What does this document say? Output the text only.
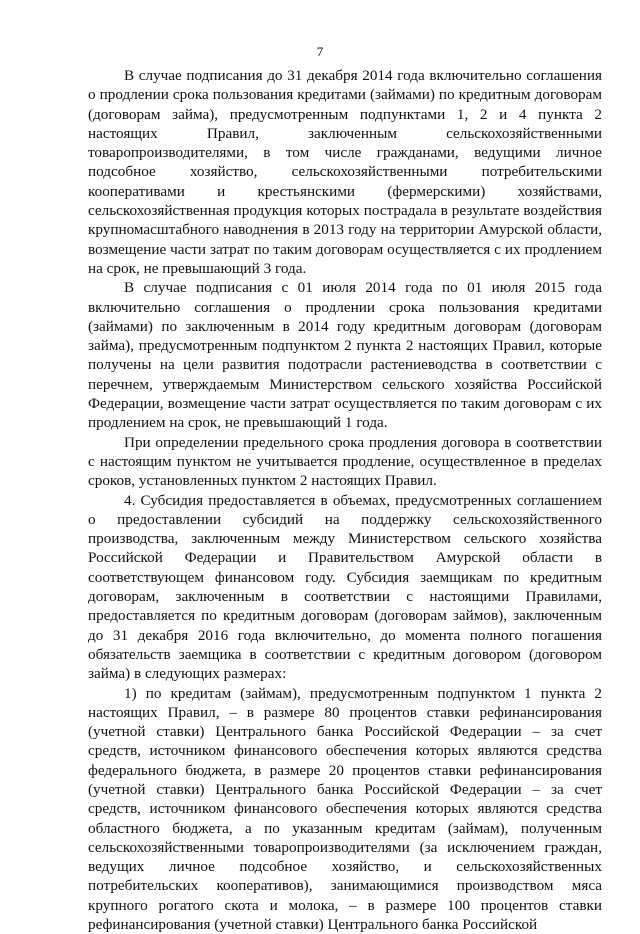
7

В случае подписания до 31 декабря 2014 года включительно соглашения о продлении срока пользования кредитами (займами) по кредитным договорам (договорам займа), предусмотренным подпунктами 1, 2 и 4 пункта 2 настоящих Правил, заключенным сельскохозяйственными товаропроизводителями, в том числе гражданами, ведущими личное подсобное хозяйство, сельскохозяйственными потребительскими кооперативами и крестьянскими (фермерскими) хозяйствами, сельскохозяйственная продукция которых пострадала в результате воздействия крупномасштабного наводнения в 2013 году на территории Амурской области, возмещение части затрат по таким договорам осуществляется с их продлением на срок, не превышающий 3 года.

В случае подписания с 01 июля 2014 года по 01 июля 2015 года включительно соглашения о продлении срока пользования кредитами (займами) по заключенным в 2014 году кредитным договорам (договорам займа), предусмотренным подпунктом 2 пункта 2 настоящих Правил, которые получены на цели развития подотрасли растениеводства в соответствии с перечнем, утверждаемым Министерством сельского хозяйства Российской Федерации, возмещение части затрат осуществляется по таким договорам с их продлением на срок, не превышающий 1 года.

При определении предельного срока продления договора в соответствии с настоящим пунктом не учитывается продление, осуществленное в пределах сроков, установленных пунктом 2 настоящих Правил.

4. Субсидия предоставляется в объемах, предусмотренных соглашением о предоставлении субсидий на поддержку сельскохозяйственного производства, заключенным между Министерством сельского хозяйства Российской Федерации и Правительством Амурской области в соответствующем финансовом году. Субсидия заемщикам по кредитным договорам, заключенным в соответствии с настоящими Правилами, предоставляется по кредитным договорам (договорам займов), заключенным до 31 декабря 2016 года включительно, до момента полного погашения обязательств заемщика в соответствии с кредитным договором (договором займа) в следующих размерах:

1) по кредитам (займам), предусмотренным подпунктом 1 пункта 2 настоящих Правил, – в размере 80 процентов ставки рефинансирования (учетной ставки) Центрального банка Российской Федерации – за счет средств, источником финансового обеспечения которых являются средства федерального бюджета, в размере 20 процентов ставки рефинансирования (учетной ставки) Центрального банка Российской Федерации – за счет средств, источником финансового обеспечения которых являются средства областного бюджета, а по указанным кредитам (займам), полученным сельскохозяйственными товаропроизводителями (за исключением граждан, ведущих личное подсобное хозяйство, и сельскохозяйственных потребительских кооперативов), занимающимися производством мяса крупного рогатого скота и молока, – в размере 100 процентов ставки рефинансирования (учетной ставки) Центрального банка Российской
